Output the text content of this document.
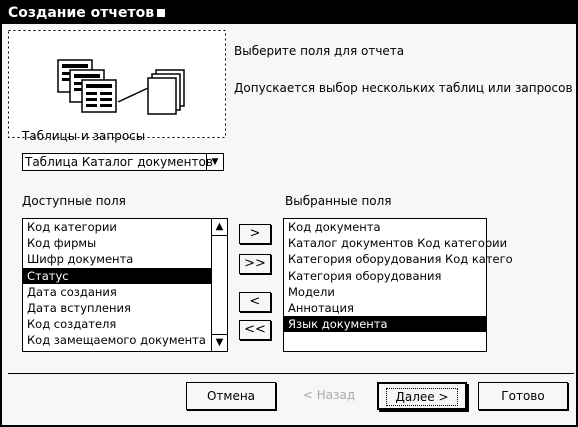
Создание отчетов
Выберите поля для отчета
Допускается выбор нескольких таблиц или запросов
Таблицы и запросы
Таблица Каталог документов
▼
Доступные поля
Код категории
Код фирмы
Шифр документа
Статус
Дата создания
Дата вступления
Код создателя
Код замещаемого документа
▲
▼
>
>>
<
<<
Выбранные поля
Код документа
Каталог документов Код категории
Категория оборудования Код катего
Категория оборудования
Модели
Аннотация
Язык документа
Отмена	< Назад	Далее >	Готово
